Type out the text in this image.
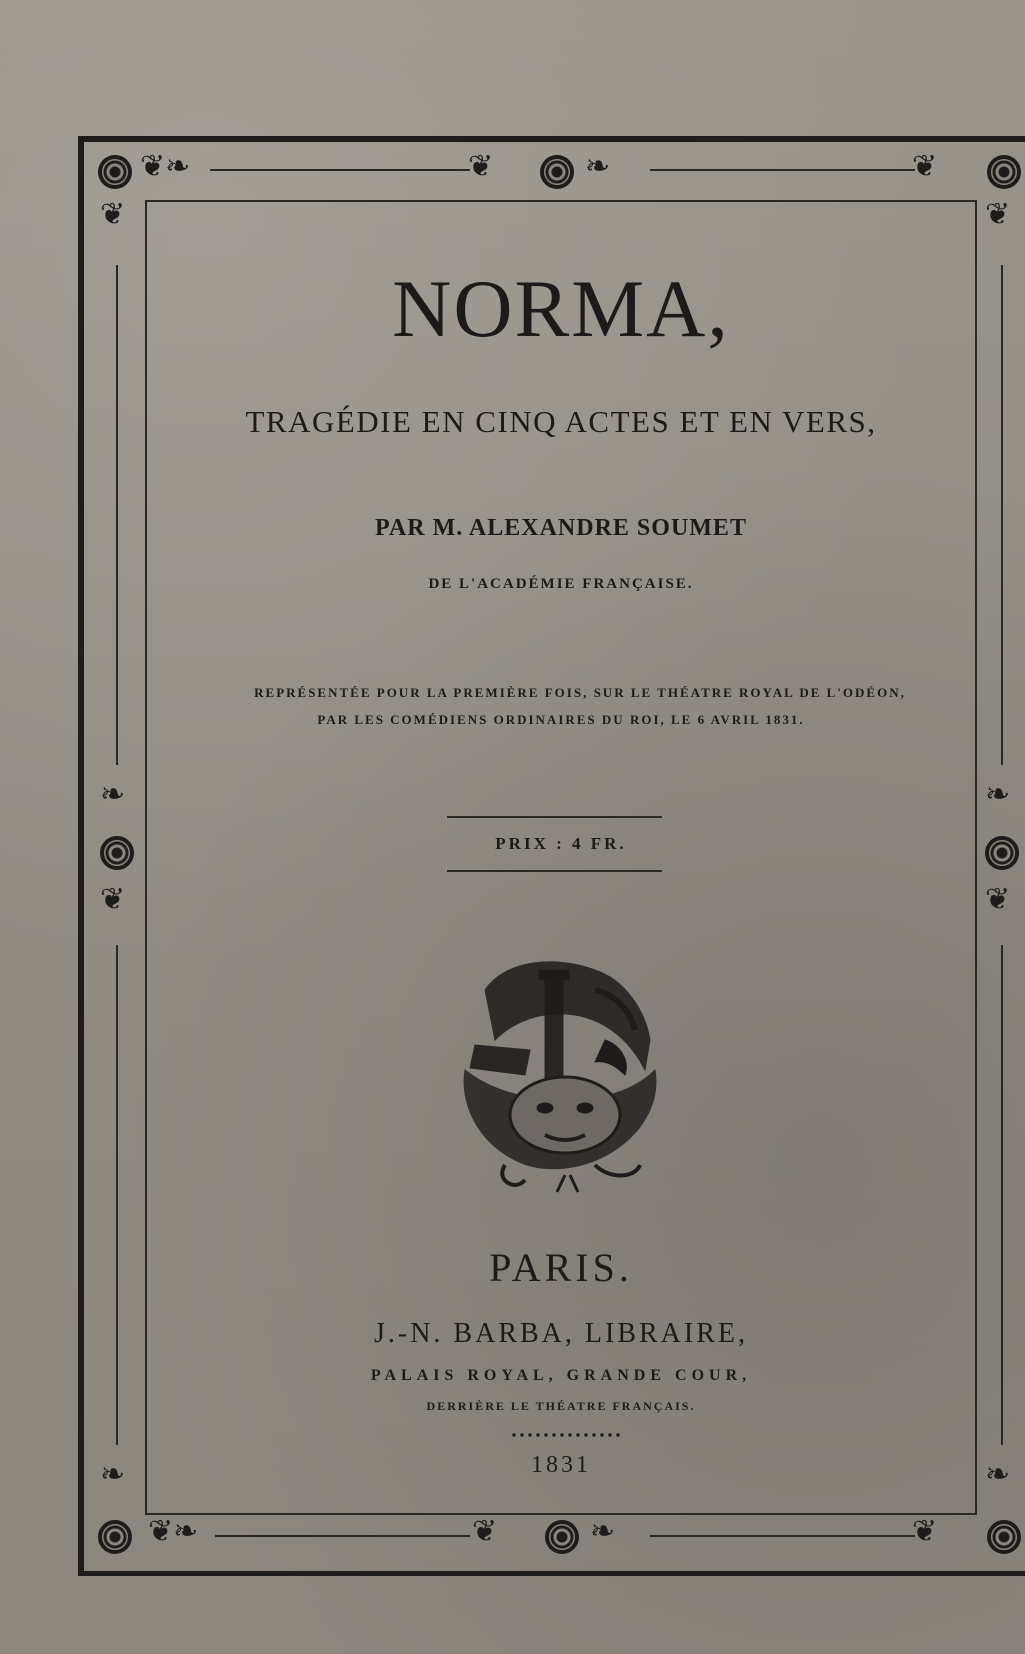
❦❧	❦	❧	❦
❦❧	❦	❧	❦
❦	❦
❧	❧
❦	❦
❧	❧
NORMA,
TRAGÉDIE EN CINQ ACTES ET EN VERS,
PAR M. ALEXANDRE SOUMET
DE L'ACADÉMIE FRANÇAISE.
REPRÉSENTÉE POUR LA PREMIÈRE FOIS, SUR LE THÉATRE ROYAL DE L'ODÉON,
PAR LES COMÉDIENS ORDINAIRES DU ROI, LE 6 AVRIL 1831.
PRIX : 4 FR.
PARIS.
J.-N. BARBA, LIBRAIRE,
PALAIS ROYAL, GRANDE COUR,
DERRIÈRE LE THÉATRE FRANÇAIS.
1831
